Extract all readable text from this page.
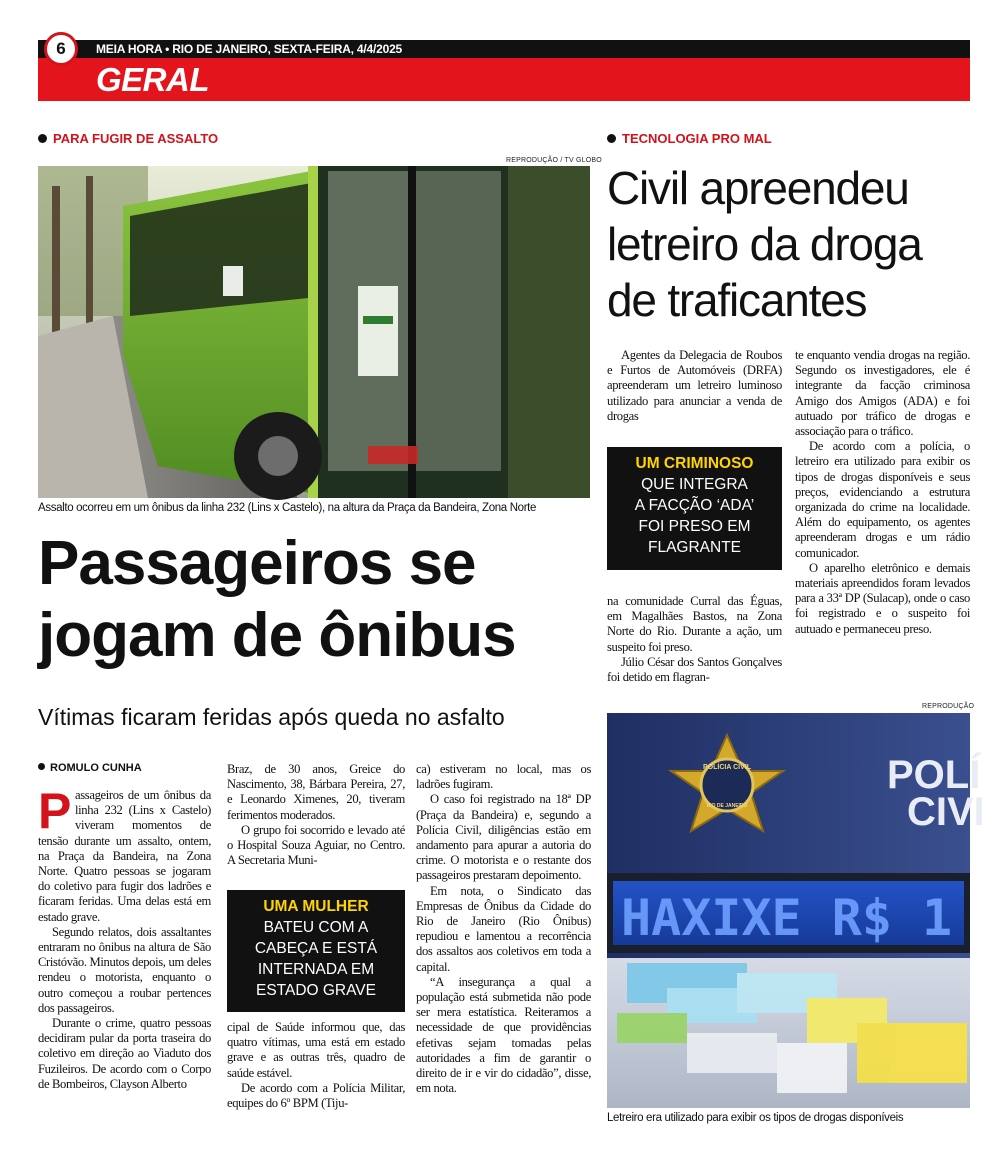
6	MEIA HORA • RIO DE JANEIRO, SEXTA-FEIRA, 4/4/2025
GERAL
PARA FUGIR DE ASSALTO
REPRODUÇÃO / TV GLOBO
Assalto ocorreu em um ônibus da linha 232 (Lins x Castelo), na altura da Praça da Bandeira, Zona Norte
Passageiros se
jogam de ônibus
Vítimas ficaram feridas após queda no asfalto
ROMULO CUNHA

Passageiros de um ônibus da linha 232 (Lins x Castelo) viveram momentos de tensão durante um assalto, ontem, na Praça da Bandeira, na Zona Norte. Quatro pessoas se jogaram do coletivo para fugir dos ladrões e ficaram feridas. Uma delas está em estado grave.

Segundo relatos, dois assaltantes entraram no ônibus na altura de São Cristóvão. Minutos depois, um deles rendeu o motorista, enquanto o outro começou a roubar pertences dos passageiros.

Durante o crime, quatro pessoas decidiram pular da porta traseira do coletivo em direção ao Viaduto dos Fuzileiros. De acordo com o Corpo de Bombeiros, Clayson Alberto

Braz, de 30 anos, Greice do Nascimento, 38, Bárbara Pereira, 27, e Leonardo Ximenes, 20, tiveram ferimentos moderados.

O grupo foi socorrido e levado até o Hospital Souza Aguiar, no Centro. A Secretaria Muni-

UMA MULHER
BATEU COM A
CABEÇA E ESTÁ
INTERNADA EM
ESTADO GRAVE

cipal de Saúde informou que, das quatro vítimas, uma está em estado grave e as outras três, quadro de saúde estável.

De acordo com a Polícia Militar, equipes do 6º BPM (Tiju-

ca) estiveram no local, mas os ladrões fugiram.

O caso foi registrado na 18ª DP (Praça da Bandeira) e, segundo a Polícia Civil, diligências estão em andamento para apurar a autoria do crime. O motorista e o restante dos passageiros prestaram depoimento.

Em nota, o Sindicato das Empresas de Ônibus da Cidade do Rio de Janeiro (Rio Ônibus) repudiou e lamentou a recorrência dos assaltos aos coletivos em toda a capital.

“A insegurança a qual a população está submetida não pode ser mera estatística. Reiteramos a necessidade de que providências efetivas sejam tomadas pelas autoridades a fim de garantir o direito de ir e vir do cidadão”, disse, em nota.

TECNOLOGIA PRO MAL
Civil apreendeu
letreiro da droga
de traficantes

Agentes da Delegacia de Roubos e Furtos de Automóveis (DRFA) apreenderam um letreiro luminoso utilizado para anunciar a venda de drogas

UM CRIMINOSO
QUE INTEGRA
A FACÇÃO ‘ADA’
FOI PRESO EM
FLAGRANTE

na comunidade Curral das Éguas, em Magalhães Bastos, na Zona Norte do Rio. Durante a ação, um suspeito foi preso.

Júlio César dos Santos Gonçalves foi detido em flagran-

te enquanto vendia drogas na região. Segundo os investigadores, ele é integrante da facção criminosa Amigo dos Amigos (ADA) e foi autuado por tráfico de drogas e associação para o tráfico.

De acordo com a polícia, o letreiro era utilizado para exibir os tipos de drogas disponíveis e seus preços, evidenciando a estrutura organizada do crime na localidade. Além do equipamento, os agentes apreenderam drogas e um rádio comunicador.

O aparelho eletrônico e demais materiais apreendidos foram levados para a 33ª DP (Sulacap), onde o caso foi registrado e o suspeito foi autuado e permaneceu preso.

REPRODUÇÃO
POLÍCIA CIVIL
RIO DE JANEIRO
POLÍ
CIVI
HAXIXE R$ 1
Letreiro era utilizado para exibir os tipos de drogas disponíveis
